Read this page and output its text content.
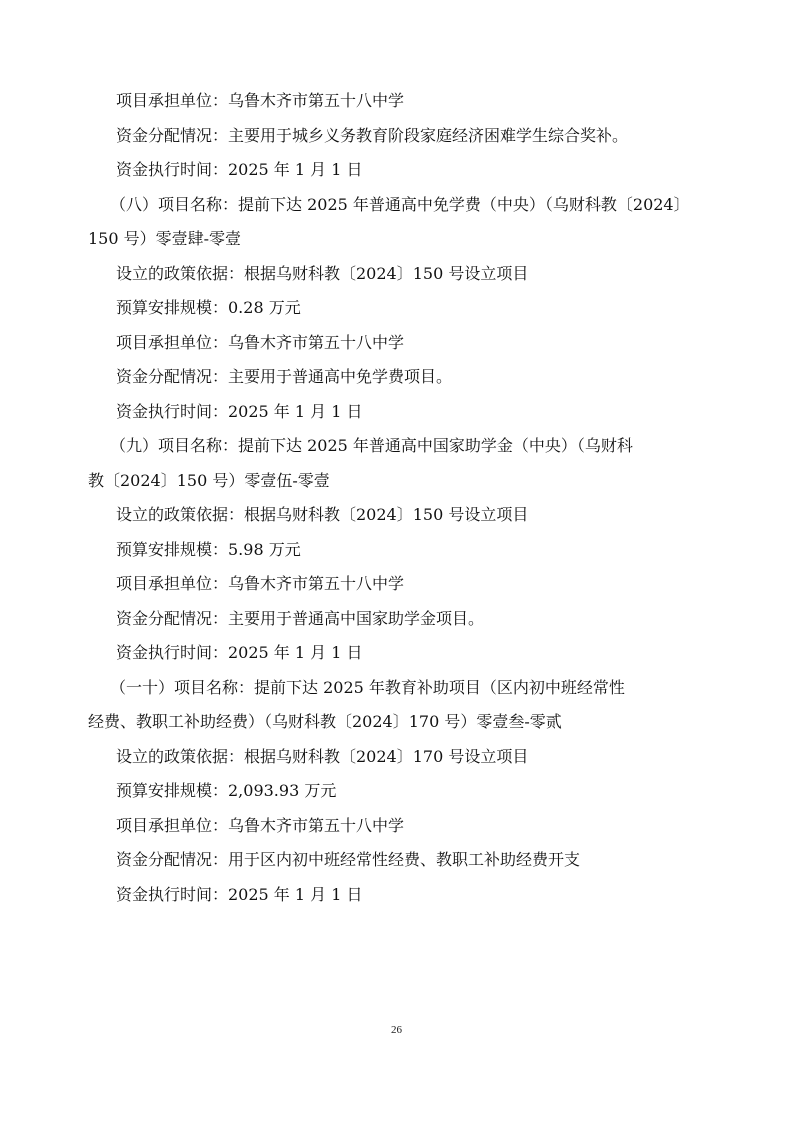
项目承担单位：乌鲁木齐市第五十八中学
资金分配情况：主要用于城乡义务教育阶段家庭经济困难学生综合奖补。
资金执行时间：2025 年 1 月 1 日
（八）项目名称：提前下达 2025 年普通高中免学费（中央）（乌财科教〔2024〕
150 号）零壹肆-零壹
设立的政策依据：根据乌财科教〔2024〕150 号设立项目
预算安排规模：0.28 万元
项目承担单位：乌鲁木齐市第五十八中学
资金分配情况：主要用于普通高中免学费项目。
资金执行时间：2025 年 1 月 1 日
（九）项目名称：提前下达 2025 年普通高中国家助学金（中央）（乌财科
教〔2024〕150 号）零壹伍-零壹
设立的政策依据：根据乌财科教〔2024〕150 号设立项目
预算安排规模：5.98 万元
项目承担单位：乌鲁木齐市第五十八中学
资金分配情况：主要用于普通高中国家助学金项目。
资金执行时间：2025 年 1 月 1 日
（一十）项目名称：提前下达 2025 年教育补助项目（区内初中班经常性
经费、教职工补助经费）（乌财科教〔2024〕170 号）零壹叁-零贰
设立的政策依据：根据乌财科教〔2024〕170 号设立项目
预算安排规模：2,093.93 万元
项目承担单位：乌鲁木齐市第五十八中学
资金分配情况：用于区内初中班经常性经费、教职工补助经费开支
资金执行时间：2025 年 1 月 1 日
26
